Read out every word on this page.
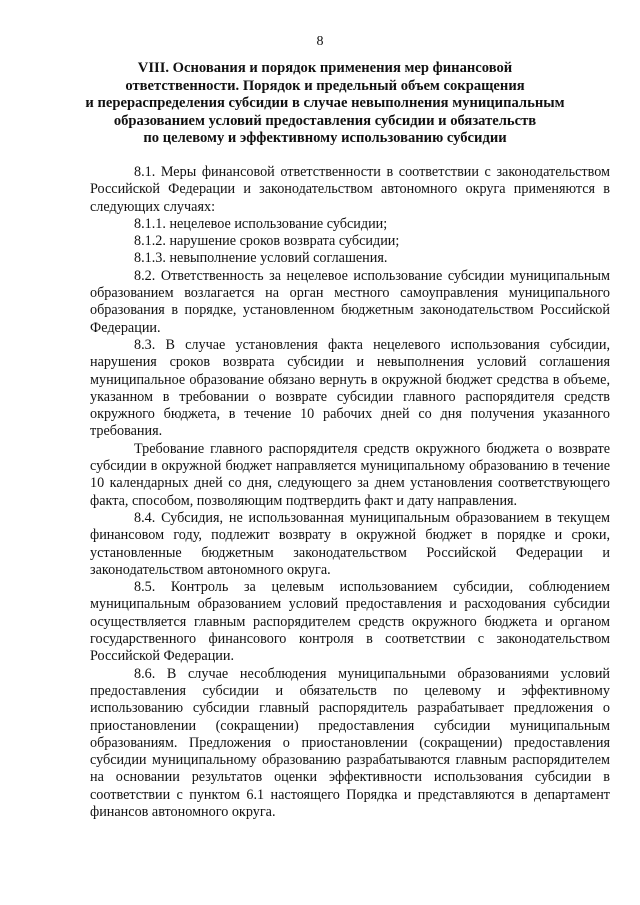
8
VIII. Основания и порядок применения мер финансовой
ответственности. Порядок и предельный объем сокращения
и перераспределения субсидии в случае невыполнения муниципальным
образованием условий предоставления субсидии и обязательств
по целевому и эффективному использованию субсидии

8.1. Меры финансовой ответственности в соответствии с законодательством Российской Федерации и законодательством автономного округа применяются в следующих случаях:

8.1.1. нецелевое использование субсидии;

8.1.2. нарушение сроков возврата субсидии;

8.1.3. невыполнение условий соглашения.

8.2. Ответственность за нецелевое использование субсидии муниципальным образованием возлагается на орган местного самоуправления муниципального образования в порядке, установленном бюджетным законодательством Российской Федерации.

8.3. В случае установления факта нецелевого использования субсидии, нарушения сроков возврата субсидии и невыполнения условий соглашения муниципальное образование обязано вернуть в окружной бюджет средства в объеме, указанном в требовании о возврате субсидии главного распорядителя средств окружного бюджета, в течение 10 рабочих дней со дня получения указанного требования.

Требование главного распорядителя средств окружного бюджета о возврате субсидии в окружной бюджет направляется муниципальному образованию в течение 10 календарных дней со дня, следующего за днем установления соответствующего факта, способом, позволяющим подтвердить факт и дату направления.

8.4. Субсидия, не использованная муниципальным образованием в текущем финансовом году, подлежит возврату в окружной бюджет в порядке и сроки, установленные бюджетным законодательством Российской Федерации и законодательством автономного округа.

8.5. Контроль за целевым использованием субсидии, соблюдением муниципальным образованием условий предоставления и расходования субсидии осуществляется главным распорядителем средств окружного бюджета и органом государственного финансового контроля в соответствии с законодательством Российской Федерации.

8.6. В случае несоблюдения муниципальными образованиями условий предоставления субсидии и обязательств по целевому и эффективному использованию субсидии главный распорядитель разрабатывает предложения о приостановлении (сокращении) предоставления субсидии муниципальным образованиям. Предложения о приостановлении (сокращении) предоставления субсидии муниципальному образованию разрабатываются главным распорядителем на основании результатов оценки эффективности использования субсидии в соответствии с пунктом 6.1 настоящего Порядка и представляются в департамент финансов автономного округа.
